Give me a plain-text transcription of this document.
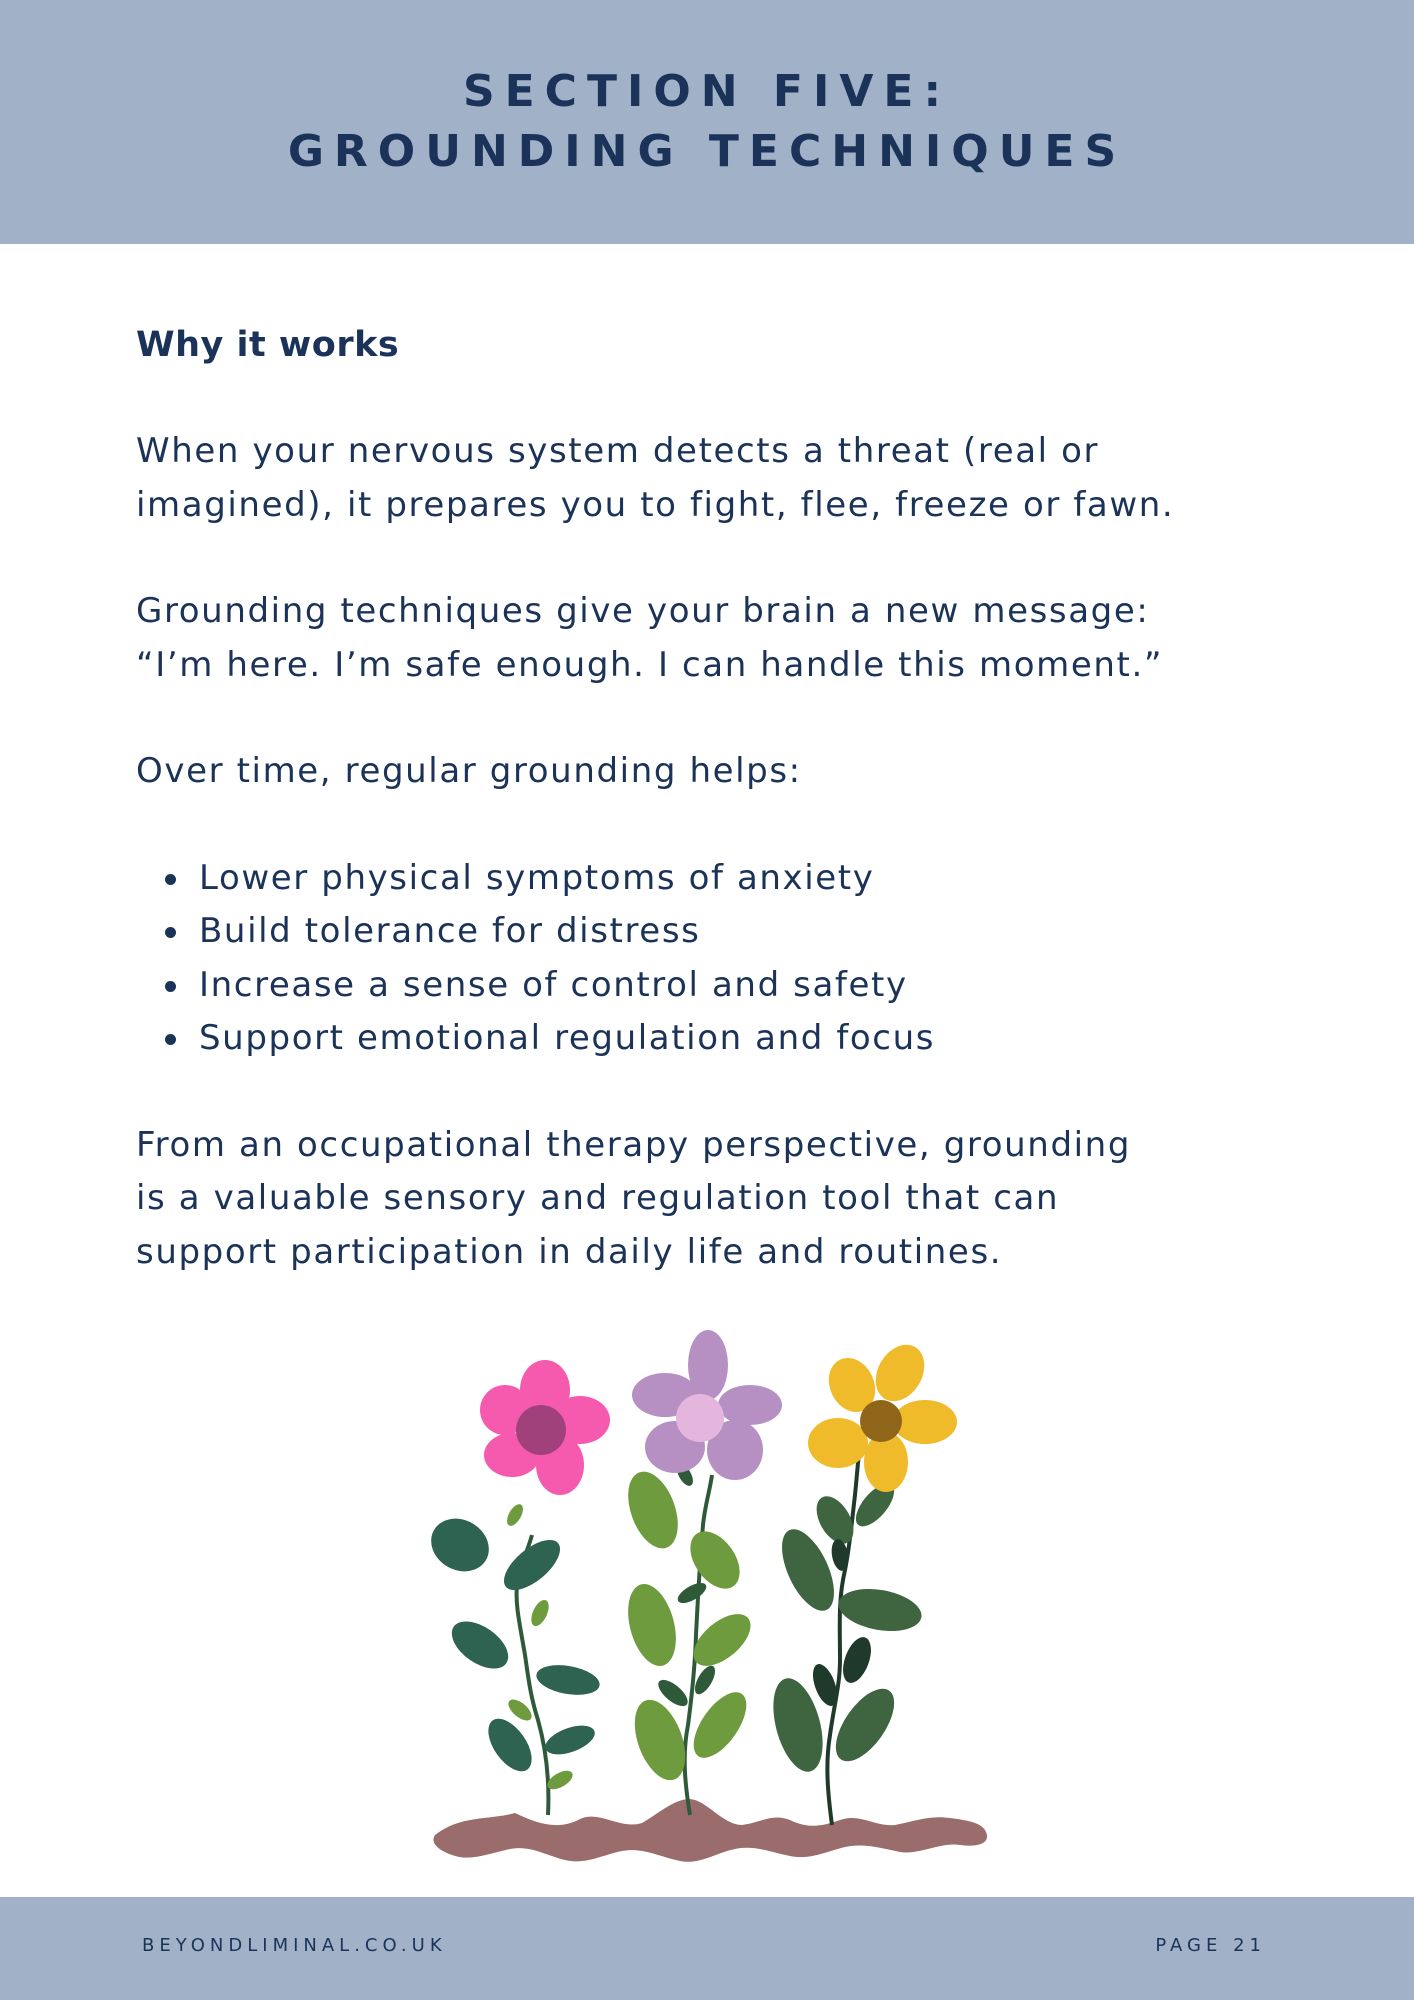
SECTION FIVE:
GROUNDING TECHNIQUES
Why it works
When your nervous system detects a threat (real or
imagined), it prepares you to fight, flee, freeze or fawn.
Grounding techniques give your brain a new message:
“I’m here. I’m safe enough. I can handle this moment.”
Over time, regular grounding helps:
Lower physical symptoms of anxiety
Build tolerance for distress
Increase a sense of control and safety
Support emotional regulation and focus
From an occupational therapy perspective, grounding
is a valuable sensory and regulation tool that can
support participation in daily life and routines.
BEYONDLIMINAL.CO.UK	PAGE 21
